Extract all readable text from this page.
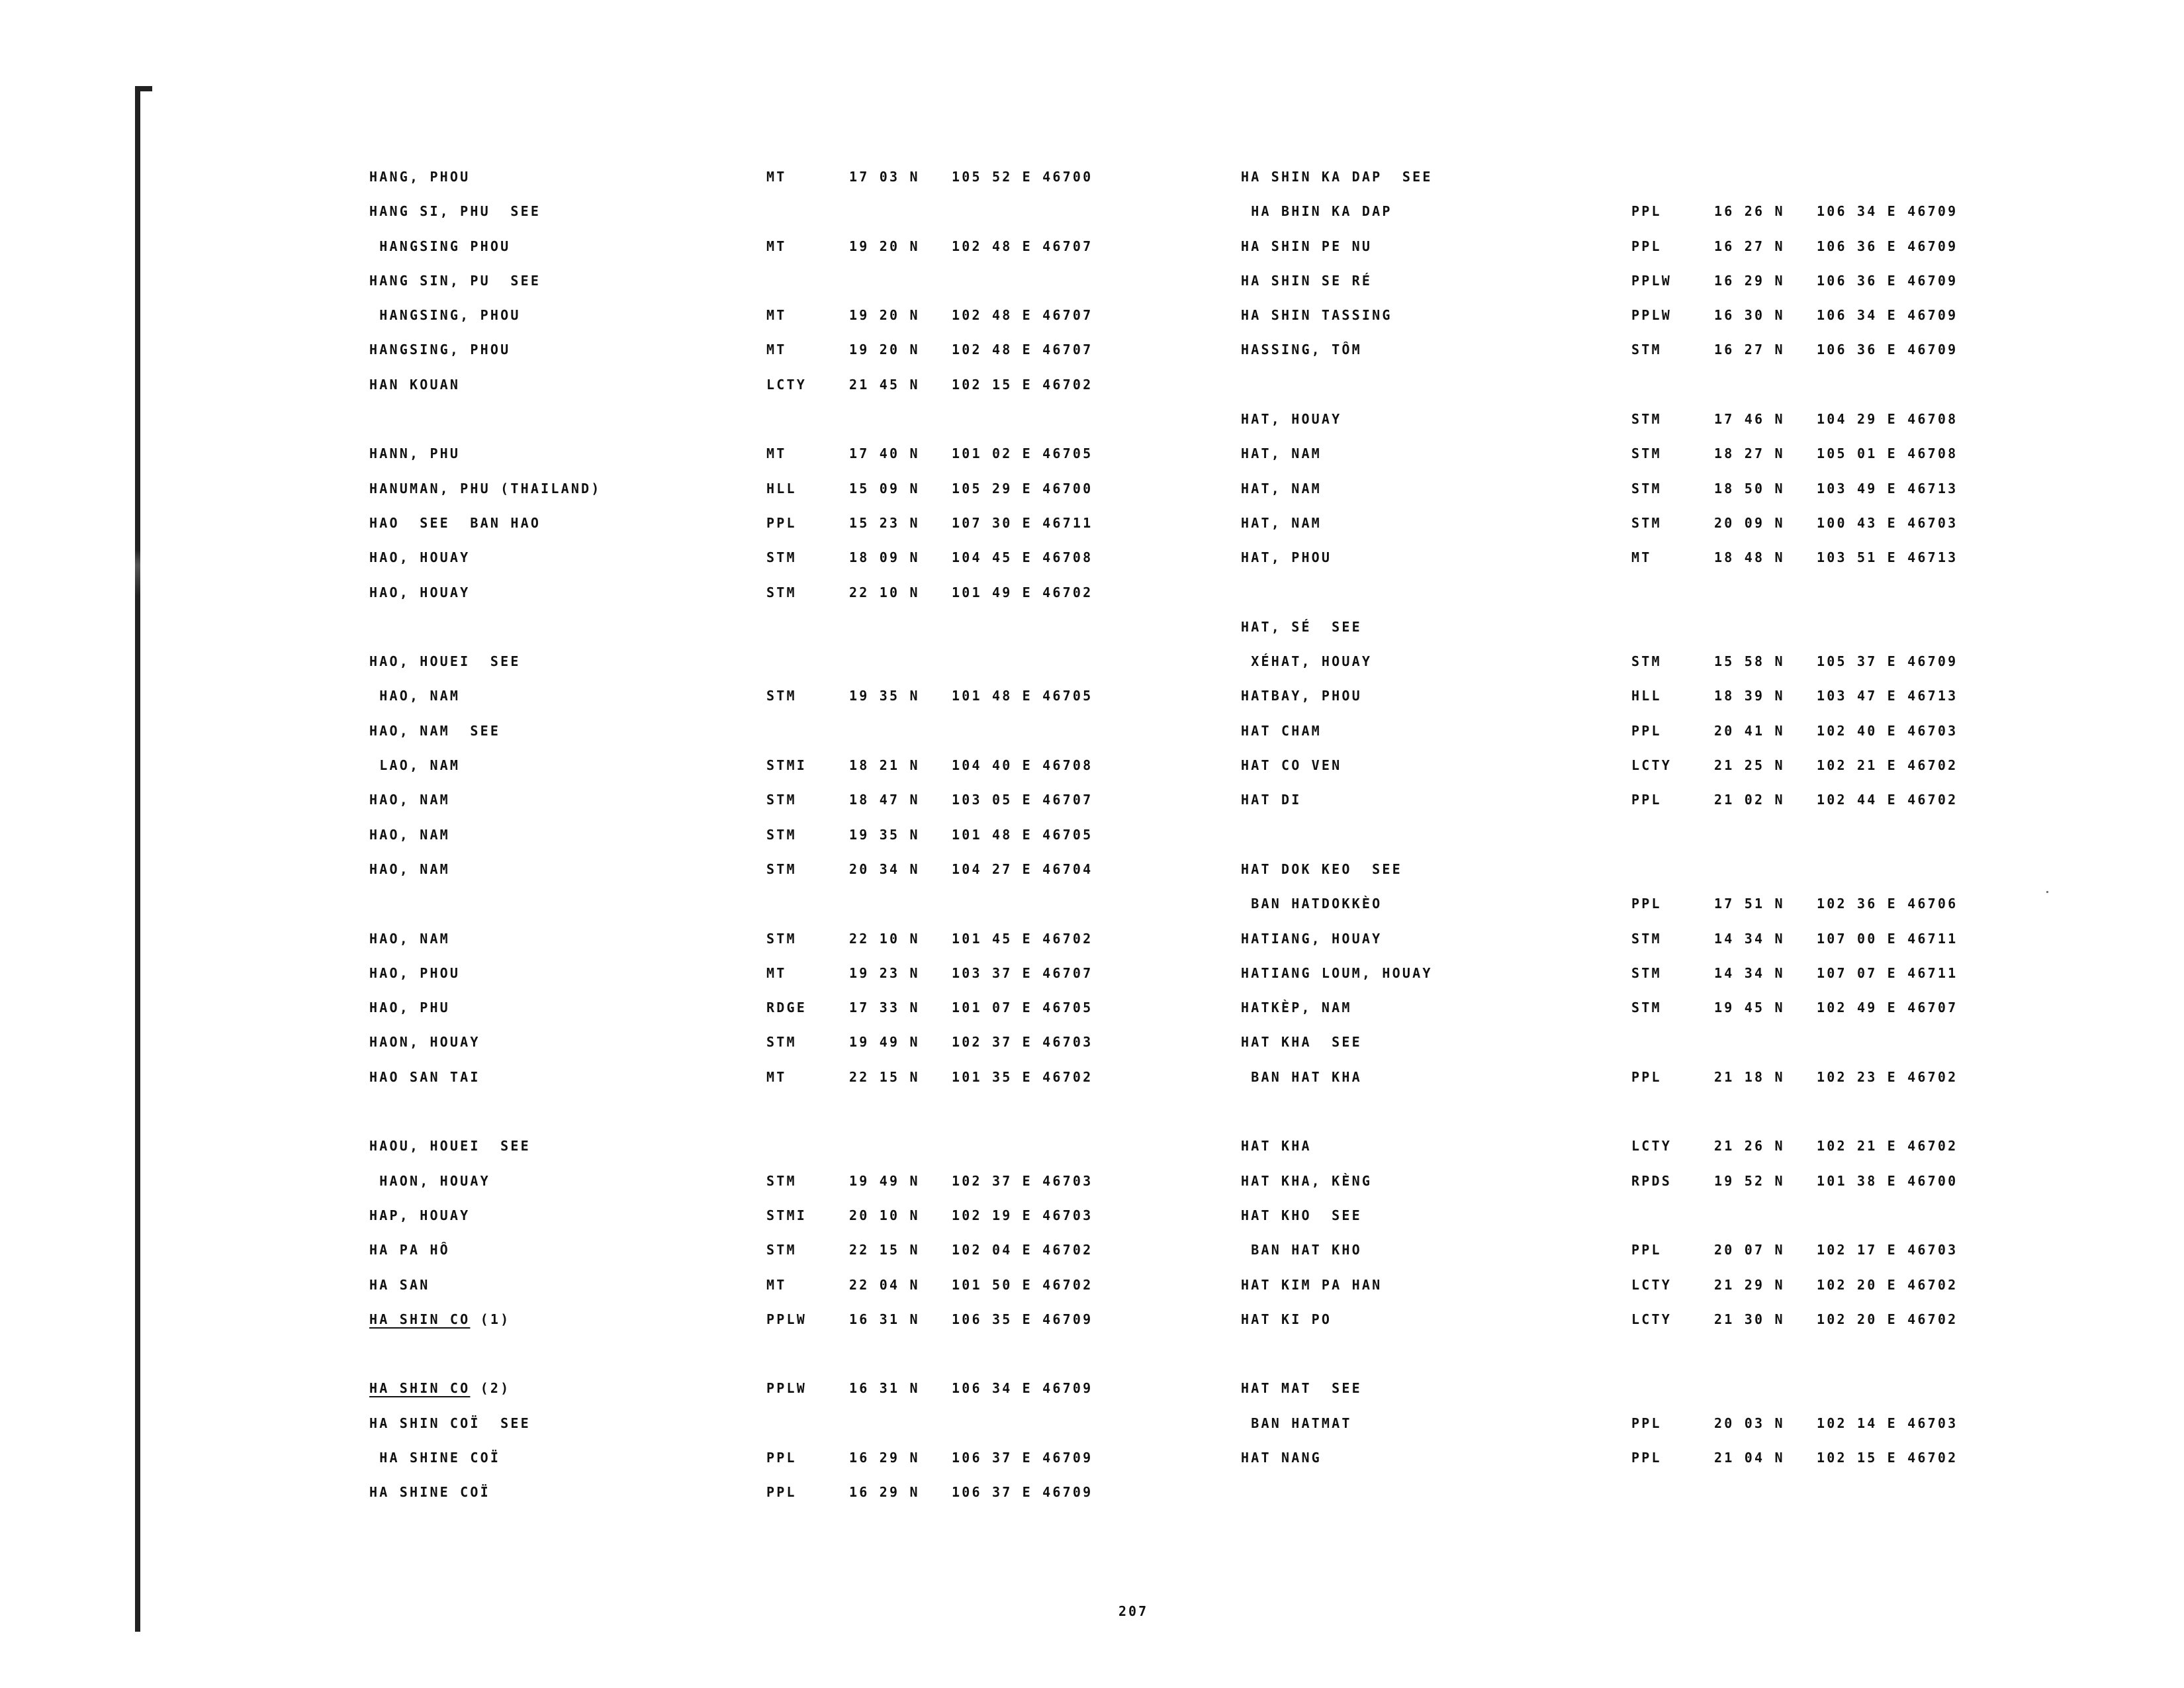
HANG, PHOU	MT	17 03 N 105 52 E 46700
HANG SI, PHU  SEE
HANGSING PHOU	MT	19 20 N 102 48 E 46707
HANG SIN, PU  SEE
HANGSING, PHOU	MT	19 20 N 102 48 E 46707
HANGSING, PHOU	MT	19 20 N 102 48 E 46707
HAN KOUAN	LCTY	21 45 N 102 15 E 46702
HANN, PHU	MT	17 40 N 101 02 E 46705
HANUMAN, PHU (THAILAND)	HLL	15 09 N 105 29 E 46700
HAO  SEE  BAN HAO	PPL	15 23 N 107 30 E 46711
HAO, HOUAY	STM	18 09 N 104 45 E 46708
HAO, HOUAY	STM	22 10 N 101 49 E 46702
HAO, HOUEI  SEE
HAO, NAM	STM	19 35 N 101 48 E 46705
HAO, NAM  SEE
LAO, NAM	STMI	18 21 N 104 40 E 46708
HAO, NAM	STM	18 47 N 103 05 E 46707
HAO, NAM	STM	19 35 N 101 48 E 46705
HAO, NAM	STM	20 34 N 104 27 E 46704
HAO, NAM	STM	22 10 N 101 45 E 46702
HAO, PHOU	MT	19 23 N 103 37 E 46707
HAO, PHU	RDGE	17 33 N 101 07 E 46705
HAON, HOUAY	STM	19 49 N 102 37 E 46703
HAO SAN TAI	MT	22 15 N 101 35 E 46702
HAOU, HOUEI  SEE
HAON, HOUAY	STM	19 49 N 102 37 E 46703
HAP, HOUAY	STMI	20 10 N 102 19 E 46703
HA PA HÔ	STM	22 15 N 102 04 E 46702
HA SAN	MT	22 04 N 101 50 E 46702
HA SHIN CO (1)	PPLW	16 31 N 106 35 E 46709
HA SHIN CO (2)	PPLW	16 31 N 106 34 E 46709
HA SHIN COÏ  SEE
HA SHINE COÏ	PPL	16 29 N 106 37 E 46709
HA SHINE COÏ	PPL	16 29 N 106 37 E 46709
HA SHIN KA DAP  SEE
HA BHIN KA DAP	PPL	16 26 N 106 34 E 46709
HA SHIN PE NU	PPL	16 27 N 106 36 E 46709
HA SHIN SE RÉ	PPLW	16 29 N 106 36 E 46709
HA SHIN TASSING	PPLW	16 30 N 106 34 E 46709
HASSING, TÔM	STM	16 27 N 106 36 E 46709
HAT, HOUAY	STM	17 46 N 104 29 E 46708
HAT, NAM	STM	18 27 N 105 01 E 46708
HAT, NAM	STM	18 50 N 103 49 E 46713
HAT, NAM	STM	20 09 N 100 43 E 46703
HAT, PHOU	MT	18 48 N 103 51 E 46713
HAT, SÉ  SEE
XÉHAT, HOUAY	STM	15 58 N 105 37 E 46709
HATBAY, PHOU	HLL	18 39 N 103 47 E 46713
HAT CHAM	PPL	20 41 N 102 40 E 46703
HAT CO VEN	LCTY	21 25 N 102 21 E 46702
HAT DI	PPL	21 02 N 102 44 E 46702
HAT DOK KEO  SEE
BAN HATDOKKÈO	PPL	17 51 N 102 36 E 46706
HATIANG, HOUAY	STM	14 34 N 107 00 E 46711
HATIANG LOUM, HOUAY	STM	14 34 N 107 07 E 46711
HATKÈP, NAM	STM	19 45 N 102 49 E 46707
HAT KHA  SEE
BAN HAT KHA	PPL	21 18 N 102 23 E 46702
HAT KHA	LCTY	21 26 N 102 21 E 46702
HAT KHA, KÈNG	RPDS	19 52 N 101 38 E 46700
HAT KHO  SEE
BAN HAT KHO	PPL	20 07 N 102 17 E 46703
HAT KIM PA HAN	LCTY	21 29 N 102 20 E 46702
HAT KI PO	LCTY	21 30 N 102 20 E 46702
HAT MAT  SEE
BAN HATMAT	PPL	20 03 N 102 14 E 46703
HAT NANG	PPL	21 04 N 102 15 E 46702
207
